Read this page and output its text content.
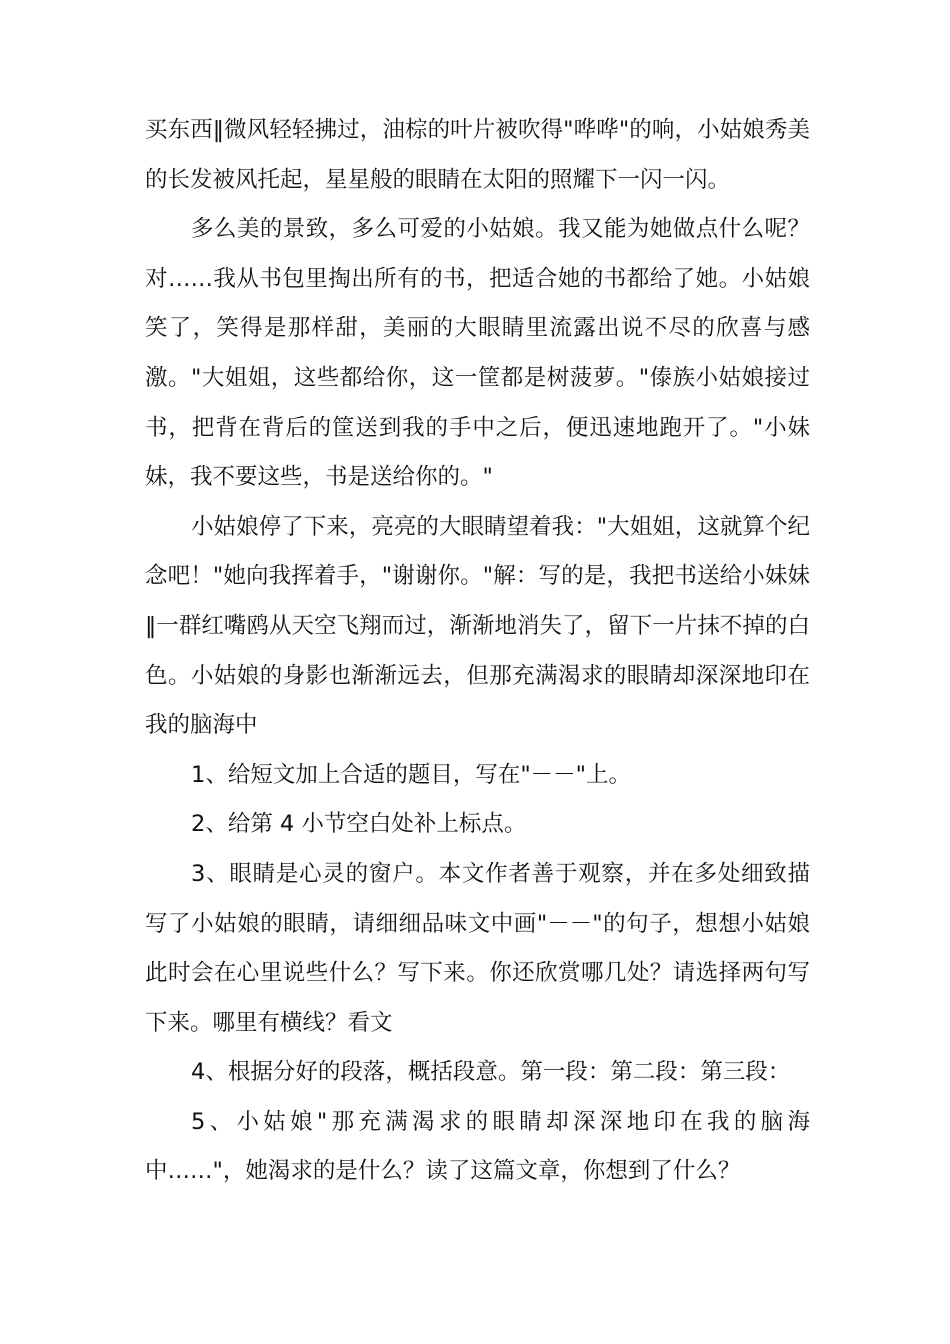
买东西‖微风轻轻拂过，油棕的叶片被吹得"哗哗"的响，小姑娘秀美的长发被风托起，星星般的眼睛在太阳的照耀下一闪一闪。

多么美的景致，多么可爱的小姑娘。我又能为她做点什么呢？对……我从书包里掏出所有的书，把适合她的书都给了她。小姑娘笑了，笑得是那样甜，美丽的大眼睛里流露出说不尽的欣喜与感激。"大姐姐，这些都给你，这一筐都是树菠萝。"傣族小姑娘接过书，把背在背后的筐送到我的手中之后，便迅速地跑开了。"小妹妹，我不要这些，书是送给你的。"

小姑娘停了下来，亮亮的大眼睛望着我："大姐姐，这就算个纪念吧！"她向我挥着手，"谢谢你。"解：写的是，我把书送给小妹妹‖一群红嘴鸥从天空飞翔而过，渐渐地消失了，留下一片抹不掉的白色。小姑娘的身影也渐渐远去，但那充满渴求的眼睛却深深地印在我的脑海中

1、给短文加上合适的题目，写在"－－"上。

2、给第 4 小节空白处补上标点。

3、眼睛是心灵的窗户。本文作者善于观察，并在多处细致描写了小姑娘的眼睛，请细细品味文中画"－－"的句子，想想小姑娘此时会在心里说些什么？写下来。你还欣赏哪几处？请选择两句写下来。哪里有横线？看文

4、根据分好的段落，概括段意。第一段：第二段：第三段：

5、小姑娘"那充满渴求的眼睛却深深地印在我的脑海中……"，她渴求的是什么？读了这篇文章，你想到了什么？
